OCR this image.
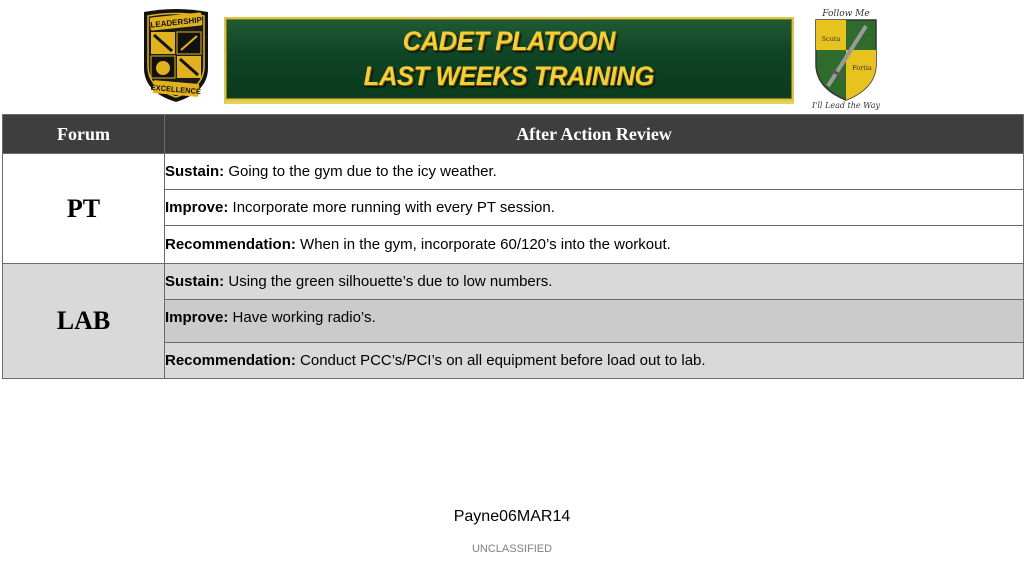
LEADERSHIP
EXCELLENCE
CADET PLATOON
LAST WEEKS TRAINING
Follow Me
Scuta
Fortia
I'll Lead the Way
Forum	After Action Review
PT	Sustain: Going to the gym due to the icy weather.
	Improve: Incorporate more running with every PT session.
	Recommendation: When in the gym, incorporate 60/120’s into the workout.
LAB	Sustain: Using the green silhouette’s due to low numbers.
	Improve: Have working radio’s.
	Recommendation: Conduct PCC’s/PCI’s on all equipment before load out to lab.
Payne06MAR14
UNCLASSIFIED
